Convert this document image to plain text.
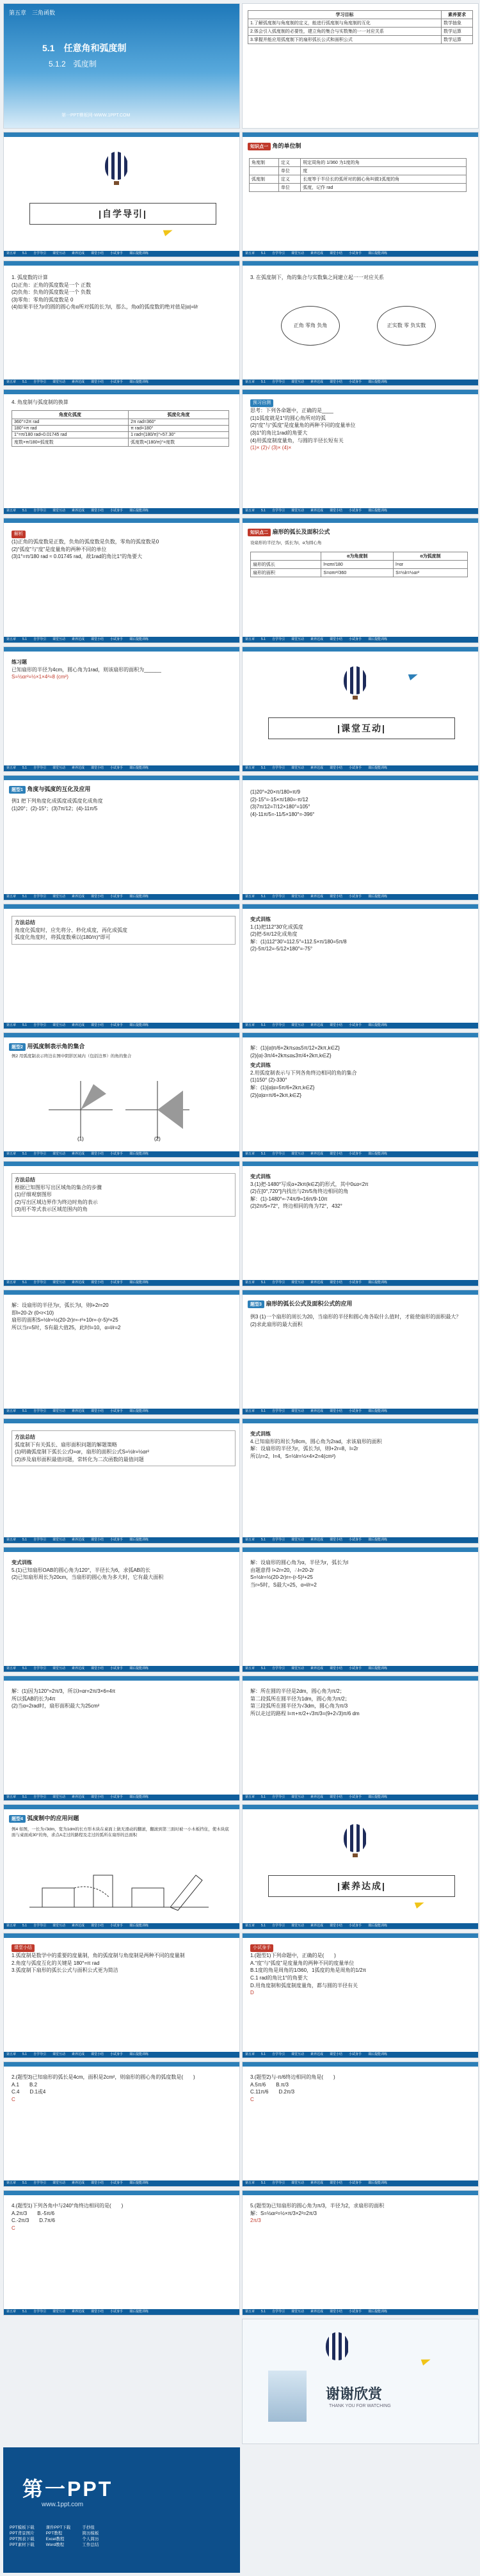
第五章　三角函数
5.1　任意角和弧度制
5.1.2　弧度制
第一PPT模板网-WWW.1PPT.COM
学习目标	素养要求
1.了解弧度制与角度制的定义，能进行弧度制与角度制的互化	数学抽象
2.体会引入弧度制的必要性，建立角的集合与实数集的一一对应关系	数学运算
3.掌握并能应用弧度制下的扇形弧长公式和面积公式	数学运算
|自学导引|
第五章 5.1 自学导引 课堂互动 素养达成 课堂小结 小试身手 课后提能训练
知识点一 角的单位制
角度制	定义	规定周角的 1/360 为1度的角
	单位	度
弧度制	定义	长度等于半径长的弧所对的圆心角叫做1弧度的角
	单位	弧度，记作 rad
第五章 5.1 自学导引 课堂互动 素养达成 课堂小结 小试身手 课后提能训练
1. 弧度数的计算
(1)正角：正角的弧度数是一个 正数
(2)负角：负角的弧度数是一个 负数
(3)零角：零角的弧度数是 0
(4)如果半径为r的圆的圆心角α所对弧的长为l，那么，角α的弧度数的绝对值是|α|=l/r
第五章 5.1 自学导引 课堂互动 素养达成 课堂小结 小试身手 课后提能训练
3. 在弧度制下，角的集合与实数集之间建立起一一对应关系
正角 零角 负角	正实数 零 负实数
第五章 5.1 自学导引 课堂互动 素养达成 课堂小结 小试身手 课后提能训练
4. 角度制与弧度制的换算
角度化弧度	弧度化角度
360°=2π rad	2π rad=360°
180°=π rad	π rad=180°
1°=π/180 rad≈0.01745 rad	1 rad=(180/π)°≈57.30°
度数×π/180=弧度数	弧度数×(180/π)°=度数
第五章 5.1 自学导引 课堂互动 素养达成 课堂小结 小试身手 课后提能训练
预习自测
思考：下列各命题中，正确的是____
(1)1弧度就是1°的圆心角所对的弧
(2)“度”与“弧度”是度量角的两种不同的度量单位
(3)1°的角比1rad的角要大
(4)用弧度制度量角，与圆的半径长短有关
(1)× (2)√ (3)× (4)×
第五章 5.1 自学导引 课堂互动 素养达成 课堂小结 小试身手 课后提能训练
解析
(1)正角的弧度数是正数，负角的弧度数是负数，零角的弧度数是0
(2)“弧度”与“度”是度量角的两种不同的单位
(3)1°=π/180 rad ≈ 0.01745 rad，故1rad的角比1°的角要大
第五章 5.1 自学导引 课堂互动 素养达成 课堂小结 小试身手 课后提能训练
知识点二 扇形的弧长及面积公式
设扇形的半径为r，弧长为l，α为圆心角
	α为角度制	α为弧度制
扇形的弧长	l=απr/180	l=αr
扇形的面积	S=απr²/360	S=½lr=½αr²
第五章 5.1 自学导引 课堂互动 素养达成 课堂小结 小试身手 课后提能训练
练习题
已知扇形的半径为4cm，圆心角为1rad，则该扇形的面积为______
S=½αr²=½×1×4²=8 (cm²)
第五章 5.1 自学导引 课堂互动 素养达成 课堂小结 小试身手 课后提能训练
|课堂互动|
第五章 5.1 自学导引 课堂互动 素养达成 课堂小结 小试身手 课后提能训练
题型1 角度与弧度的互化及应用
例1 把下列角度化成弧度或弧度化成角度
(1)20°；(2)-15°；(3)7π/12；(4)-11π/5
第五章 5.1 自学导引 课堂互动 素养达成 课堂小结 小试身手 课后提能训练
(1)20°=20×π/180=π/9
(2)-15°=-15×π/180=-π/12
(3)7π/12=7/12×180°=105°
(4)-11π/5=-11/5×180°=-396°
第五章 5.1 自学导引 课堂互动 素养达成 课堂小结 小试身手 课后提能训练
方法总结
角度化弧度时，应先将分、秒化成度，再化成弧度
弧度化角度时，将弧度数乘以(180/π)°即可
第五章 5.1 自学导引 课堂互动 素养达成 课堂小结 小试身手 课后提能训练
变式训练
1.(1)把112°30′化成弧度
(2)把-5π/12化成角度
解：(1)112°30′=112.5°=112.5×π/180=5π/8
(2)-5π/12=-5/12×180°=-75°
第五章 5.1 自学导引 课堂互动 素养达成 课堂小结 小试身手 课后提能训练
题型2 用弧度制表示角的集合
例2 用弧度制表示终边在图中阴影区域内（包括边界）的角的集合
(1)	(2)
第五章 5.1 自学导引 课堂互动 素养达成 课堂小结 小试身手 课后提能训练
解：(1){α|π/6+2kπ≤α≤5π/12+2kπ,k∈Z}
(2){α|-3π/4+2kπ≤α≤3π/4+2kπ,k∈Z}
变式训练
2.用弧度制表示与下列各角终边相同的角的集合
(1)150° (2)-330°
解：(1){α|α=5π/6+2kπ,k∈Z}
(2){α|α=π/6+2kπ,k∈Z}
第五章 5.1 自学导引 课堂互动 素养达成 课堂小结 小试身手 课后提能训练
方法总结
根据已知图形写出区域角的集合的步骤
(1)仔细观察图形
(2)写出区域边界作为终边时角的表示
(3)用不等式表示区域范围内的角
第五章 5.1 自学导引 课堂互动 素养达成 课堂小结 小试身手 课后提能训练
变式训练
3.(1)把-1480°写成α+2kπ(k∈Z)的形式，其中0≤α<2π
(2)在[0°,720°]内找出与2π/5角终边相同的角
解：(1)-1480°=-74π/9=16π/9-10π
(2)2π/5=72°，终边相同的角为72°，432°
第五章 5.1 自学导引 课堂互动 素养达成 课堂小结 小试身手 课后提能训练
解：设扇形的半径为r，弧长为l，则l+2r=20
即l=20-2r (0<r<10)
扇形的面积S=½lr=½(20-2r)r=-r²+10r=-(r-5)²+25
所以当r=5时，S有最大值25，此时l=10，α=l/r=2
第五章 5.1 自学导引 课堂互动 素养达成 课堂小结 小试身手 课后提能训练
题型3 扇形的弧长公式及面积公式的应用
例3 (1)一个扇形的周长为20，当扇形的半径和圆心角各取什么值时，才能使扇形的面积最大？
(2)求此扇形的最大面积
第五章 5.1 自学导引 课堂互动 素养达成 课堂小结 小试身手 课后提能训练
方法总结
弧度制下有关弧长、扇形面积问题的解题策略
(1)明确弧度制下弧长公式l=αr，扇形的面积公式S=½lr=½αr²
(2)涉及扇形面积最值问题，常转化为二次函数的最值问题
第五章 5.1 自学导引 课堂互动 素养达成 课堂小结 小试身手 课后提能训练
变式训练
4.已知扇形的周长为8cm，圆心角为2rad，求该扇形的面积
解：设扇形的半径为r，弧长为l，则l+2r=8，l=2r
所以r=2，l=4，S=½lr=½×4×2=4(cm²)
第五章 5.1 自学导引 课堂互动 素养达成 课堂小结 小试身手 课后提能训练
变式训练
5.(1)已知扇形OAB的圆心角为120°，半径长为6，求弧AB的长
(2)已知扇形周长为20cm，当扇形的圆心角为多大时，它有最大面积
第五章 5.1 自学导引 课堂互动 素养达成 课堂小结 小试身手 课后提能训练
解：设扇形的圆心角为α，半径为r，弧长为l
由题意得 l+2r=20，∴l=20-2r
S=½lr=½(20-2r)r=-(r-5)²+25
当r=5时，S最大=25，α=l/r=2
第五章 5.1 自学导引 课堂互动 素养达成 课堂小结 小试身手 课后提能训练
解：(1)因为120°=2π/3，所以l=αr=2π/3×6=4π
所以弧AB的长为4π
(2)当α=2rad时，扇形面积最大为25cm²
第五章 5.1 自学导引 课堂互动 素养达成 课堂小结 小试身手 课后提能训练
解：所在圆的半径是2dm，圆心角为π/2；
第二段弧所在圆半径为1dm，圆心角为π/2；
第三段弧所在圆半径为√3dm，圆心角为π/3
所以走过的路程 l=π+π/2+√3π/3=(9+2√3)π/6 dm
第五章 5.1 自学导引 课堂互动 素养达成 课堂小结 小试身手 课后提能训练
题型4 弧度制中的应用问题
例4 如图，一长为√3dm，宽为1dm的长方形木块在桌面上做无滑动的翻滚，翻滚到第三面时被一小木板挡住，使木块底面与桌面成30°的角，求点A走过的路程及走过的弧所在扇形的总面积
第五章 5.1 自学导引 课堂互动 素养达成 课堂小结 小试身手 课后提能训练
|素养达成|
第五章 5.1 自学导引 课堂互动 素养达成 课堂小结 小试身手 课后提能训练
课堂小结
1.弧度制是数学中的重要的度量制，角的弧度制与角度制是两种不同的度量制
2.角度与弧度互化的关键是 180°=π rad
3.弧度制下扇形的弧长公式与面积公式更为简洁
第五章 5.1 自学导引 课堂互动 素养达成 课堂小结 小试身手 课后提能训练
小试身手
1.(题型1)下列命题中，正确的是(　　)
A.“度”与“弧度”是度量角的两种不同的度量单位
B.1度的角是周角的1/360，1弧度的角是周角的1/2π
C.1 rad的角比1°的角要大
D.用角度制和弧度制度量角，都与圆的半径有关
D
第五章 5.1 自学导引 课堂互动 素养达成 课堂小结 小试身手 课后提能训练
2.(题型3)已知扇形的弧长是4cm，面积是2cm²，则扇形的圆心角的弧度数是(　　)
A.1　　B.2
C.4　　D.1或4
C
第五章 5.1 自学导引 课堂互动 素养达成 课堂小结 小试身手 课后提能训练
3.(题型2)与-π/6终边相同的角是(　　)
A.5π/6　　B.π/3
C.11π/6　　D.2π/3
C
第五章 5.1 自学导引 课堂互动 素养达成 课堂小结 小试身手 课后提能训练
4.(题型1)下列各角中与240°角终边相同的是(　　)
A.2π/3　　B.-5π/6
C.-2π/3　　D.7π/6
C
第五章 5.1 自学导引 课堂互动 素养达成 课堂小结 小试身手 课后提能训练
5.(题型3)已知扇形的圆心角为π/3，半径为2，求扇形的面积
解：S=½αr²=½×π/3×2²=2π/3
2π/3
第五章 5.1 自学导引 课堂互动 素养达成 课堂小结 小试身手 课后提能训练
谢谢欣赏
THANK YOU FOR WATCHING
第一PPT
www.1ppt.com
PPT模板下载
PPT背景图片
PPT图表下载
PPT素材下载
课件PPT下载
PPT教程
Excel教程
Word教程
手抄报
简历模板
个人简历
工作总结
